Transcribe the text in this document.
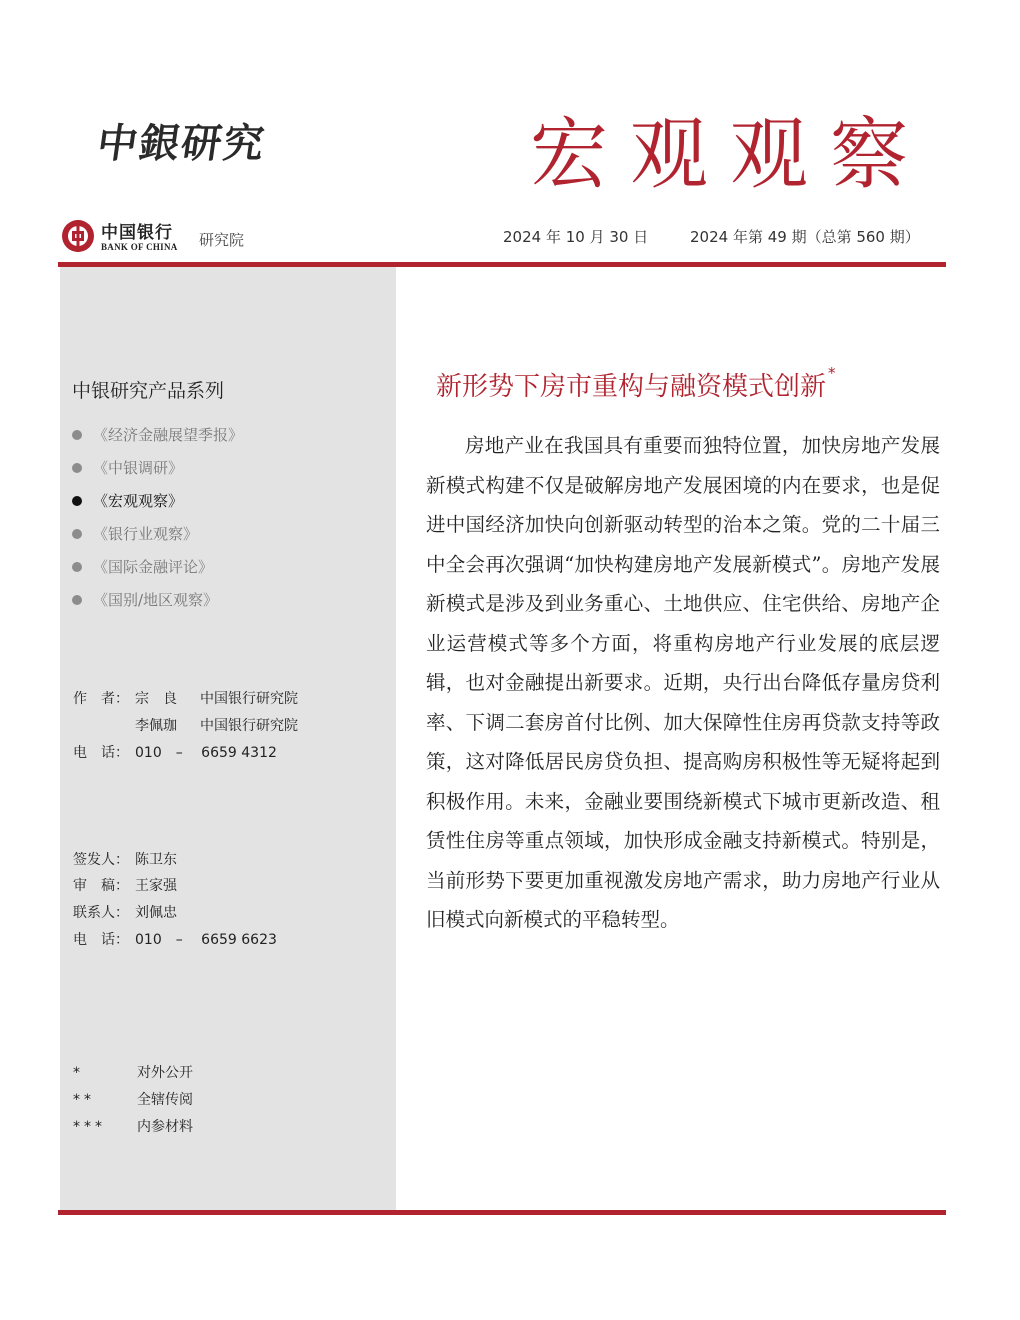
中銀研究	宏观观察
中国银行
BANK OF CHINA 研究院	2024 年 10 月 30 日	2024 年第 49 期（总第 560 期）
中银研究产品系列
《经济金融展望季报》
《中银调研》
《宏观观察》
《银行业观察》
《国际金融评论》
《国别/地区观察》
作　者： 宗　良 中国银行研究院
李佩珈 中国银行研究院
电　话： 010　–　 6659 4312
签发人： 陈卫东
审　稿： 王家强
联系人： 刘佩忠
电　话： 010　–　 6659 6623
*	对外公开
**	全辖传阅
*** 内参材料
新形势下房市重构与融资模式创新 *

房地产业在我国具有重要而独特位置，加快房地产发展新模式构建不仅是破解房地产发展困境的内在要求，也是促进中国经济加快向创新驱动转型的治本之策。党的二十届三中全会再次强调“加快构建房地产发展新模式”。房地产发展新模式是涉及到业务重心、土地供应、住宅供给、房地产企业运营模式等多个方面，将重构房地产行业发展的底层逻辑，也对金融提出新要求。近期，央行出台降低存量房贷利率、下调二套房首付比例、加大保障性住房再贷款支持等政策，这对降低居民房贷负担、提高购房积极性等无疑将起到积极作用。未来，金融业要围绕新模式下城市更新改造、租赁性住房等重点领域，加快形成金融支持新模式。特别是，当前形势下要更加重视激发房地产需求，助力房地产行业从旧模式向新模式的平稳转型。
